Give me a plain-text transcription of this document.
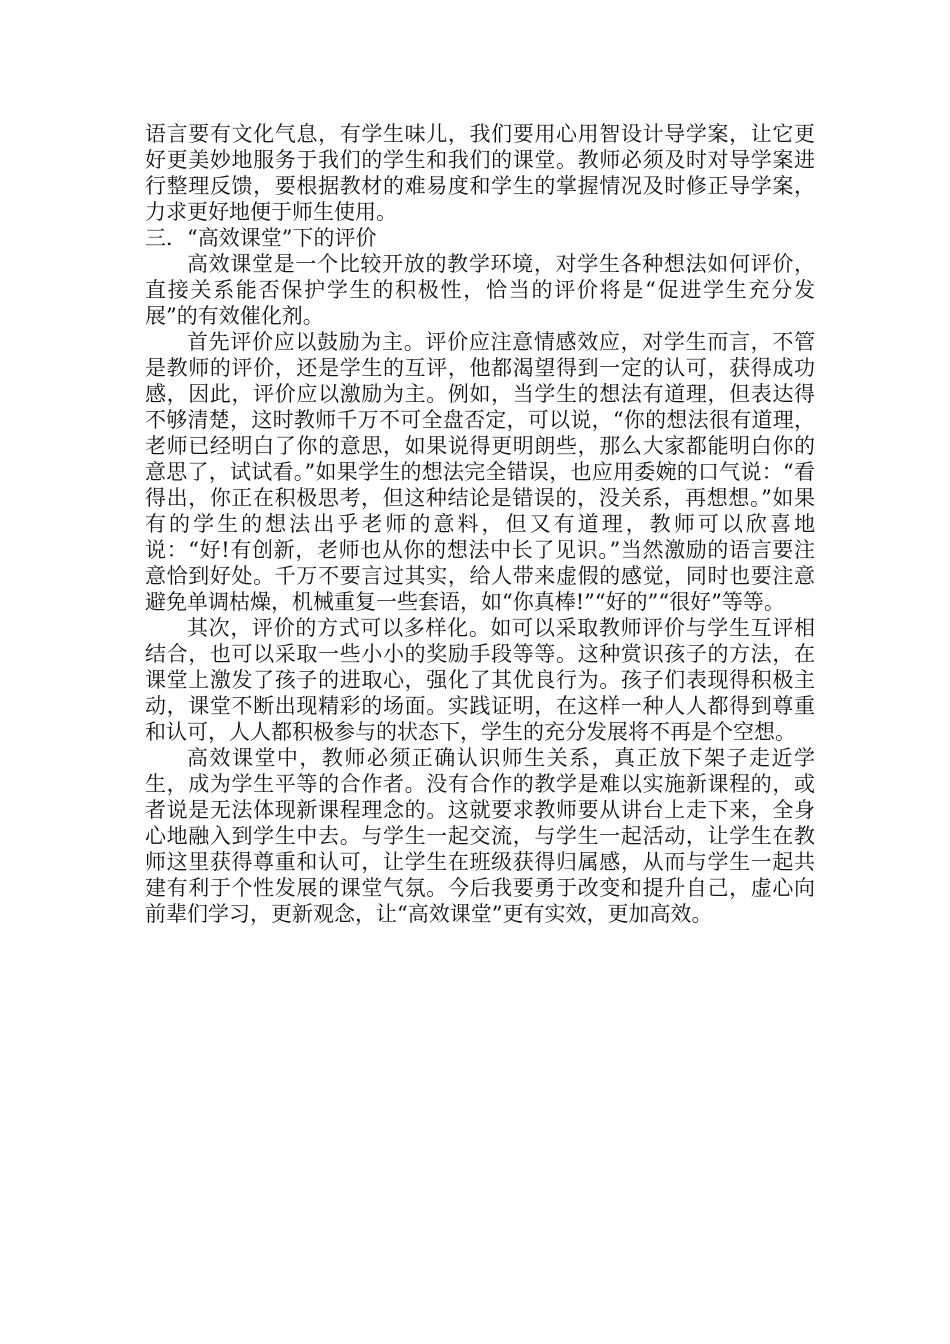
语言要有文化气息，有学生味儿，我们要用心用智设计导学案，让它更好更美妙地服务于我们的学生和我们的课堂。教师必须及时对导学案进行整理反馈，要根据教材的难易度和学生的掌握情况及时修正导学案，力求更好地便于师生使用。

三．“高效课堂”下的评价

高效课堂是一个比较开放的教学环境，对学生各种想法如何评价，直接关系能否保护学生的积极性，恰当的评价将是“促进学生充分发展”的有效催化剂。

首先评价应以鼓励为主。评价应注意情感效应，对学生而言，不管是教师的评价，还是学生的互评，他都渴望得到一定的认可，获得成功感，因此，评价应以激励为主。例如，当学生的想法有道理，但表达得不够清楚，这时教师千万不可全盘否定，可以说，“你的想法很有道理，老师已经明白了你的意思，如果说得更明朗些，那么大家都能明白你的意思了，试试看。”如果学生的想法完全错误，也应用委婉的口气说：“看得出，你正在积极思考，但这种结论是错误的，没关系，再想想。”如果有的学生的想法出乎老师的意料，但又有道理，教师可以欣喜地说：“好!有创新，老师也从你的想法中长了见识。”当然激励的语言要注意恰到好处。千万不要言过其实，给人带来虚假的感觉，同时也要注意避免单调枯燥，机械重复一些套语，如“你真棒!”“好的”“很好”等等。

其次，评价的方式可以多样化。如可以采取教师评价与学生互评相结合，也可以采取一些小小的奖励手段等等。这种赏识孩子的方法，在课堂上激发了孩子的进取心，强化了其优良行为。孩子们表现得积极主动，课堂不断出现精彩的场面。实践证明，在这样一种人人都得到尊重和认可，人人都积极参与的状态下，学生的充分发展将不再是个空想。

高效课堂中，教师必须正确认识师生关系，真正放下架子走近学生，成为学生平等的合作者。没有合作的教学是难以实施新课程的，或者说是无法体现新课程理念的。这就要求教师要从讲台上走下来，全身心地融入到学生中去。与学生一起交流，与学生一起活动，让学生在教师这里获得尊重和认可，让学生在班级获得归属感，从而与学生一起共建有利于个性发展的课堂气氛。今后我要勇于改变和提升自己，虚心向前辈们学习，更新观念，让“高效课堂”更有实效，更加高效。
